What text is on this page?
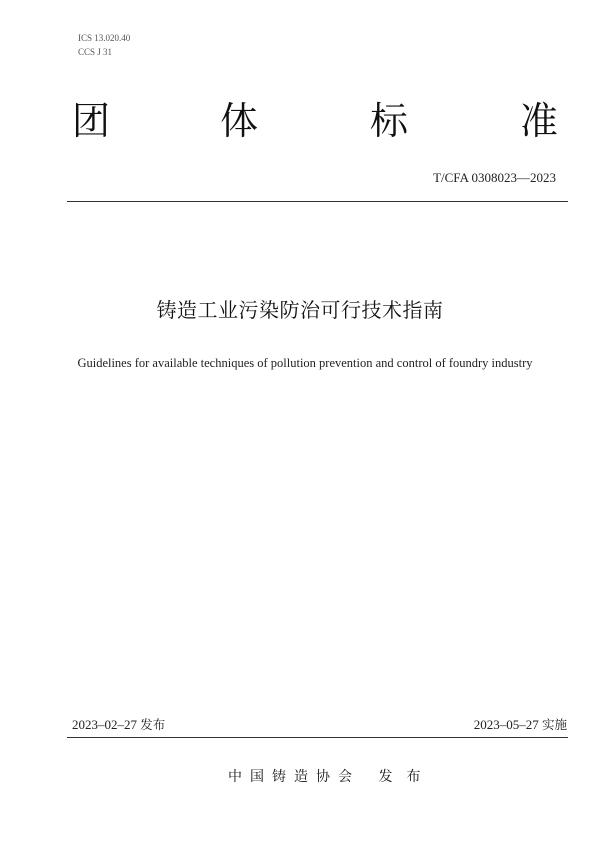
ICS 13.020.40
CCS J 31
团	体	标	准
T/CFA 0308023—2023
铸造工业污染防治可行技术指南
Guidelines for available techniques of pollution prevention and control of foundry industry
2023–02–27 发布	2023–05–27 实施
中国铸造协会 发布
